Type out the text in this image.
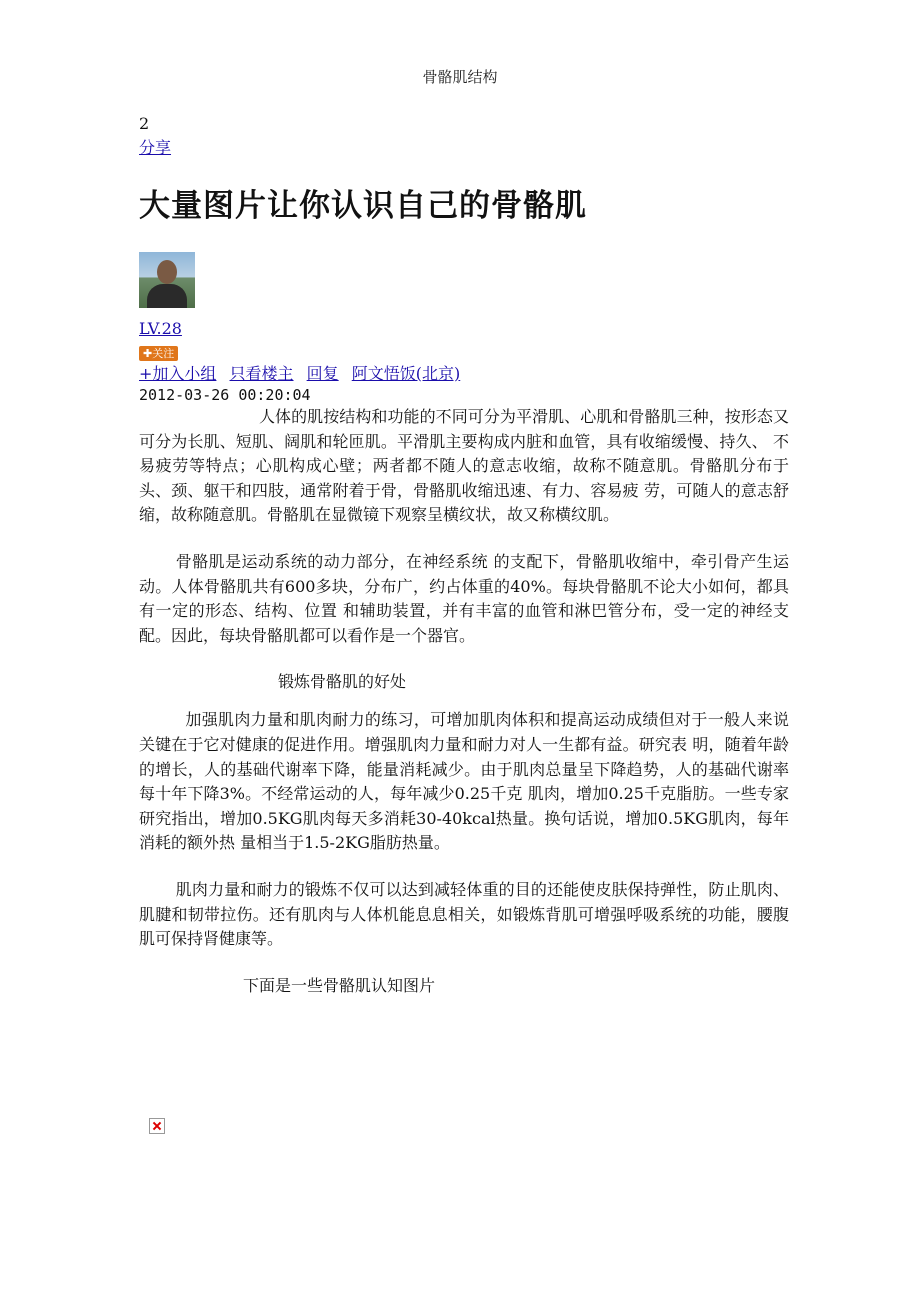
骨骼肌结构
2
分享
大量图片让你认识自己的骨骼肌
LV.28
✚关注
+加入小组 只看楼主 回复 阿文悟饭(北京)
2012-03-26 00:20:04

人体的肌按结构和功能的不同可分为平滑肌、心肌和骨骼肌三种，按形态又可分为长肌、短肌、阔肌和轮匝肌。平滑肌主要构成内脏和血管，具有收缩缓慢、持久、 不易疲劳等特点；心肌构成心壁；两者都不随人的意志收缩，故称不随意肌。骨骼肌分布于头、颈、躯干和四肢，通常附着于骨，骨骼肌收缩迅速、有力、容易疲 劳，可随人的意志舒缩，故称随意肌。骨骼肌在显微镜下观察呈横纹状，故又称横纹肌。

骨骼肌是运动系统的动力部分，在神经系统 的支配下，骨骼肌收缩中，牵引骨产生运动。人体骨骼肌共有600多块，分布广，约占体重的40%。每块骨骼肌不论大小如何，都具有一定的形态、结构、位置 和辅助装置，并有丰富的血管和淋巴管分布，受一定的神经支配。因此，每块骨骼肌都可以看作是一个器官。

锻炼骨骼肌的好处

加强肌肉力量和肌肉耐力的练习，可增加肌肉体积和提高运动成绩但对于一般人来说关键在于它对健康的促进作用。增强肌肉力量和耐力对人一生都有益。研究表 明，随着年龄的增长，人的基础代谢率下降，能量消耗减少。由于肌肉总量呈下降趋势，人的基础代谢率每十年下降3%。不经常运动的人，每年减少0.25千克 肌肉，增加0.25千克脂肪。一些专家研究指出，增加0.5KG肌肉每天多消耗30-40kcal热量。换句话说，增加0.5KG肌肉，每年消耗的额外热 量相当于1.5-2KG脂肪热量。

肌肉力量和耐力的锻炼不仅可以达到减轻体重的目的还能使皮肤保持弹性，防止肌肉、肌腱和韧带拉伤。还有肌肉与人体机能息息相关，如锻炼背肌可增强呼吸系统的功能，腰腹肌可保持肾健康等。

下面是一些骨骼肌认知图片
